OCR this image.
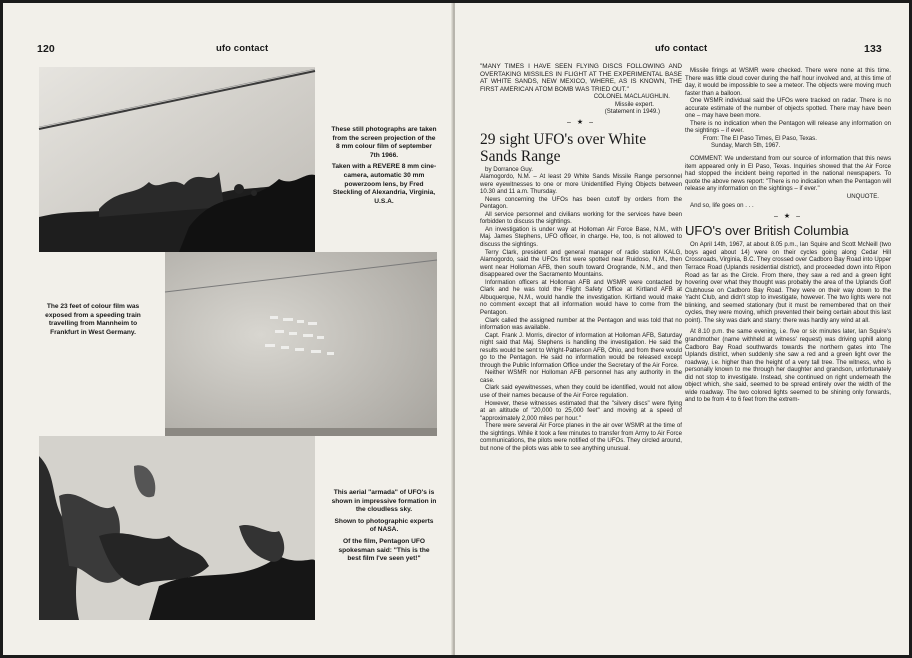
120	ufo contact

These still photographs are taken from the screen projection of the 8 mm colour film of september 7th 1966.

Taken with a REVERE 8 mm cine-camera, automatic 30 mm powerzoom lens, by Fred Steckling of Alexandria, Virginia, U.S.A.

The 23 feet of colour film was exposed from a speeding train travelling from Mannheim to Frankfurt in West Germany.

This aerial "armada" of UFO's is shown in impressive formation in the cloudless sky.

Shown to photographic experts of NASA.

Of the film, Pentagon UFO spokesman said: "This is the best film I've seen yet!"

ufo contact	133

"MANY TIMES I HAVE SEEN FLYING DISCS FOLLOWING AND OVERTAKING MISSILES IN FLIGHT AT THE EXPERIMENTAL BASE AT WHITE SANDS, NEW MEXICO, WHERE, AS IS KNOWN, THE FIRST AMERICAN ATOM BOMB WAS TRIED OUT."

COLONEL MACLAUGHLIN.

Missile expert.

(Statement in 1949.)

– ★ –
29 sight UFO's over White Sands Range

by Dorrance Guy.

Alamogordo, N.M. – At least 29 White Sands Missile Range personnel were eyewitnesses to one or more Unidentified Flying Objects between 10.30 and 11 a.m. Thursday.

News concerning the UFOs has been cutoff by orders from the Pentagon.

All service personnel and civilians working for the services have been forbidden to discuss the sightings.

An investigation is under way at Holloman Air Force Base, N.M., with Maj. James Stephens, UFO officer, in charge. He, too, is not allowed to discuss the sightings.

Terry Clark, president and general manager of radio station KALG, Alamogordo, said the UFOs first were spotted near Ruidoso, N.M., then went near Holloman AFB, then south toward Orogrande, N.M., and then disappeared over the Sacramento Mountains.

Information officers at Holloman AFB and WSMR were contacted by Clark and he was told the Flight Safety Office at Kirtland AFB at Albuquerque, N.M., would handle the investigation. Kirtland would make no comment except that all information would have to come from the Pentagon.

Clark called the assigned number at the Pentagon and was told that no information was available.

Capt. Frank J. Morris, director of information at Holloman AFB, Saturday night said that Maj. Stephens is handling the investigation. He said the results would be sent to Wright-Patterson AFB, Ohio, and from there would go to the Pentagon. He said no information would be released except through the Public Information Office under the Secretary of the Air Force.

Neither WSMR nor Holloman AFB personnel has any authority in the case.

Clark said eyewitnesses, when they could be identified, would not allow use of their names because of the Air Force regulation.

However, these witnesses estimated that the "silvery discs" were flying at an altitude of "20,000 to 25,000 feet" and moving at a speed of "approximately 2,000 miles per hour."

There were several Air Force planes in the air over WSMR at the time of the sightings. While it took a few minutes to transfer from Army to Air Force communications, the pilots were notified of the UFOs. They circled around, but none of the pilots was able to see anything unusual.

Missile firings at WSMR were checked. There were none at this time. There was little cloud cover during the half hour involved and, at this time of day, it would be impossible to see a meteor. The objects were moving much faster than a balloon.

One WSMR individual said the UFOs were tracked on radar. There is no accurate estimate of the number of objects spotted. There may have been one – may have been more.

There is no indication when the Pentagon will release any information on the sightings – if ever.

From: The El Paso Times, El Paso, Texas.

Sunday, March 5th, 1967.

COMMENT: We understand from our source of information that this news item appeared only in El Paso, Texas. Inquiries showed that the Air Force had stopped the incident being reported in the national newspapers. To quote the above news report: "There is no indication when the Pentagon will release any information on the sightings – if ever."

UNQUOTE.

And so, life goes on . . .

– ★ –
UFO's over British Columbia

On April 14th, 1967, at about 8.05 p.m., Ian Squire and Scott McNeill (two boys aged about 14) were on their cycles going along Cedar Hill Crossroads, Virginia, B.C. They crossed over Cadboro Bay Road into Upper Terrace Road (Uplands residential district), and proceeded down into Ripon Road as far as the Circle. From there, they saw a red and a green light hovering over what they thought was probably the area of the Uplands Golf Clubhouse on Cadboro Bay Road. They were on their way down to the Yacht Club, and didn't stop to investigate, however. The two lights were not blinking, and seemed stationary (but it must be remembered that on their cycles, they were moving, which prevented their being certain about this last point). The sky was dark and starry: there was hardly any wind at all.

At 8.10 p.m. the same evening, i.e. five or six minutes later, Ian Squire's grandmother (name withheld at witness' request) was driving uphill along Cadboro Bay Road southwards towards the northern gates into The Uplands district, when suddenly she saw a red and a green light over the roadway, i.e. higher than the height of a very tall tree. The witness, who is personally known to me through her daughter and grandson, unfortunately did not stop to investigate. Instead, she continued on right underneath the object which, she said, seemed to be spread entirely over the width of the wide roadway. The two colored lights seemed to be shining only forwards, and to be from 4 to 6 feet from the extrem-
